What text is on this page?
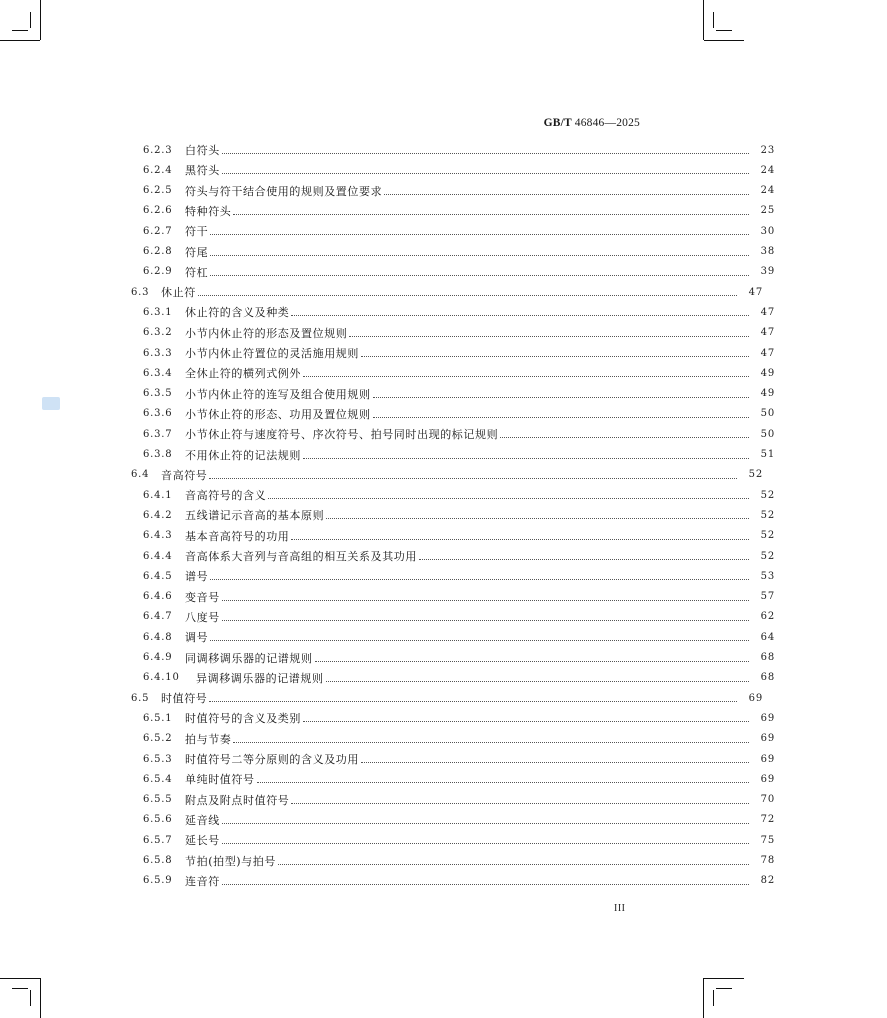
GB/T 46846—2025
6.2.3	白符头	23
6.2.4	黑符头	24
6.2.5	符头与符干结合使用的规则及置位要求	24
6.2.6	特种符头	25
6.2.7	符干	30
6.2.8	符尾	38
6.2.9	符杠	39
6.3	休止符	47
6.3.1	休止符的含义及种类	47
6.3.2	小节内休止符的形态及置位规则	47
6.3.3	小节内休止符置位的灵活施用规则	47
6.3.4	全休止符的横列式例外	49
6.3.5	小节内休止符的连写及组合使用规则	49
6.3.6	小节休止符的形态、功用及置位规则	50
6.3.7	小节休止符与速度符号、序次符号、拍号同时出现的标记规则	50
6.3.8	不用休止符的记法规则	51
6.4	音高符号	52
6.4.1	音高符号的含义	52
6.4.2	五线谱记示音高的基本原则	52
6.4.3	基本音高符号的功用	52
6.4.4	音高体系大音列与音高组的相互关系及其功用	52
6.4.5	谱号	53
6.4.6	变音号	57
6.4.7	八度号	62
6.4.8	调号	64
6.4.9	同调移调乐器的记谱规则	68
6.4.10	异调移调乐器的记谱规则	68
6.5	时值符号	69
6.5.1	时值符号的含义及类别	69
6.5.2	拍与节奏	69
6.5.3	时值符号二等分原则的含义及功用	69
6.5.4	单纯时值符号	69
6.5.5	附点及附点时值符号	70
6.5.6	延音线	72
6.5.7	延长号	75
6.5.8	节拍(拍型)与拍号	78
6.5.9	连音符	82
III
